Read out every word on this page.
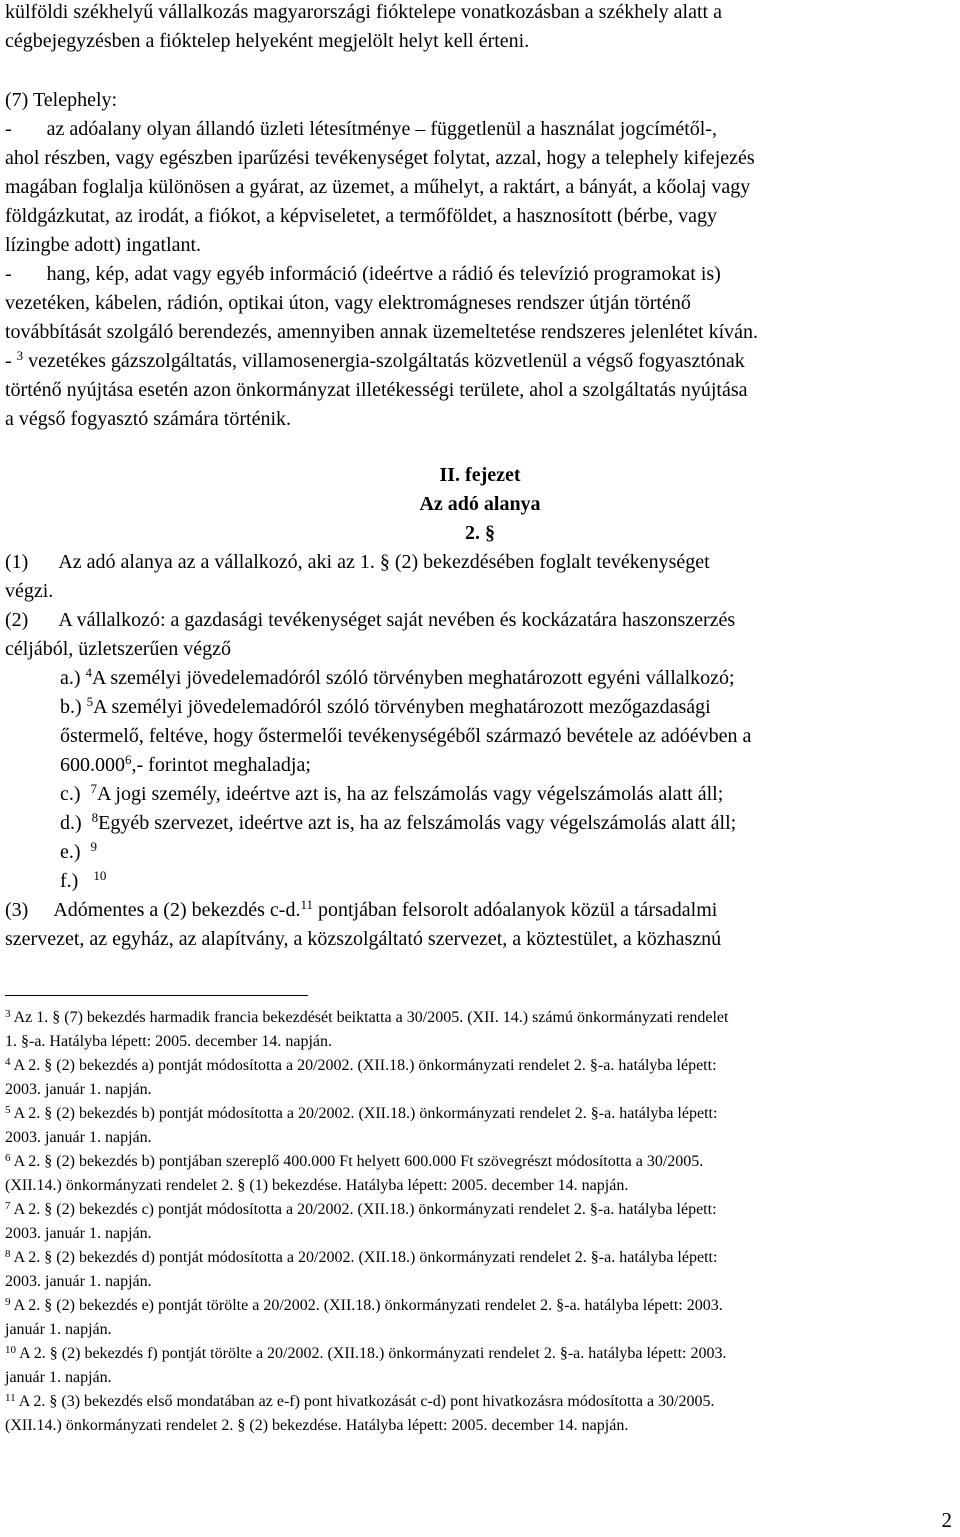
külföldi székhelyű vállalkozás magyarországi fióktelepe vonatkozásban a székhely alatt a
cégbejegyzésben a fióktelep helyeként megjelölt helyt kell érteni.
(7) Telephely:
-       az adóalany olyan állandó üzleti létesítménye – függetlenül a használat jogcímétől-,
ahol részben, vagy egészben iparűzési tevékenységet folytat, azzal, hogy a telephely kifejezés
magában foglalja különösen a gyárat, az üzemet, a műhelyt, a raktárt, a bányát, a kőolaj vagy
földgázkutat, az irodát, a fiókot, a képviseletet, a termőföldet, a hasznosított (bérbe, vagy
lízingbe adott) ingatlant.
-       hang, kép, adat vagy egyéb információ (ideértve a rádió és televízió programokat is)
vezetéken, kábelen, rádión, optikai úton, vagy elektromágneses rendszer útján történő
továbbítását szolgáló berendezés, amennyiben annak üzemeltetése rendszeres jelenlétet kíván.
- $^3$ vezetékes gázszolgáltatás, villamosenergia-szolgáltatás közvetlenül a végső fogyasztónak
történő nyújtása esetén azon önkormányzat illetékességi területe, ahol a szolgáltatás nyújtása
a végső fogyasztó számára történik.
II. fejezet
Az adó alanya
2. §
(1)      Az adó alanya az a vállalkozó, aki az 1. § (2) bekezdésében foglalt tevékenységet
végzi.
(2)      A vállalkozó: a gazdasági tevékenységet saját nevében és kockázatára haszonszerzés
céljából, üzletszerűen végző
a.) $^4$A személyi jövedelemadóról szóló törvényben meghatározott egyéni vállalkozó;
b.) $^5$A személyi jövedelemadóról szóló törvényben meghatározott mezőgazdasági
őstermelő, feltéve, hogy őstermelői tevékenységéből származó bevétele az adóévben a
600.000$^6$,- forintot meghaladja;
c.)  $^7$A jogi személy, ideértve azt is, ha az felszámolás vagy végelszámolás alatt áll;
d.)  $^8$Egyéb szervezet, ideértve azt is, ha az felszámolás vagy végelszámolás alatt áll;
e.)  $^9$
f.)   $^{10}$
(3)     Adómentes a (2) bekezdés c-d.$^{11}$ pontjában felsorolt adóalanyok közül a társadalmi
szervezet, az egyház, az alapítvány, a közszolgáltató szervezet, a köztestület, a közhasznú
$^3$ Az 1. § (7) bekezdés harmadik francia bekezdését beiktatta a 30/2005. (XII. 14.) számú önkormányzati rendelet
1. §-a. Hatályba lépett: 2005. december 14. napján.
$^4$ A 2. § (2) bekezdés a) pontját módosította a 20/2002. (XII.18.) önkormányzati rendelet 2. §-a. hatályba lépett:
2003. január 1. napján.
$^5$ A 2. § (2) bekezdés b) pontját módosította a 20/2002. (XII.18.) önkormányzati rendelet 2. §-a. hatályba lépett:
2003. január 1. napján.
$^6$ A 2. § (2) bekezdés b) pontjában szereplő 400.000 Ft helyett 600.000 Ft szövegrészt módosította a 30/2005.
(XII.14.) önkormányzati rendelet 2. § (1) bekezdése. Hatályba lépett: 2005. december 14. napján.
$^7$ A 2. § (2) bekezdés c) pontját módosította a 20/2002. (XII.18.) önkormányzati rendelet 2. §-a. hatályba lépett:
2003. január 1. napján.
$^8$ A 2. § (2) bekezdés d) pontját módosította a 20/2002. (XII.18.) önkormányzati rendelet 2. §-a. hatályba lépett:
2003. január 1. napján.
$^9$ A 2. § (2) bekezdés e) pontját törölte a 20/2002. (XII.18.) önkormányzati rendelet 2. §-a. hatályba lépett: 2003.
január 1. napján.
$^{10}$ A 2. § (2) bekezdés f) pontját törölte a 20/2002. (XII.18.) önkormányzati rendelet 2. §-a. hatályba lépett: 2003.
január 1. napján.
$^{11}$ A 2. § (3) bekezdés első mondatában az e-f) pont hivatkozását c-d) pont hivatkozásra módosította a 30/2005.
(XII.14.) önkormányzati rendelet 2. § (2) bekezdése. Hatályba lépett: 2005. december 14. napján.
2
